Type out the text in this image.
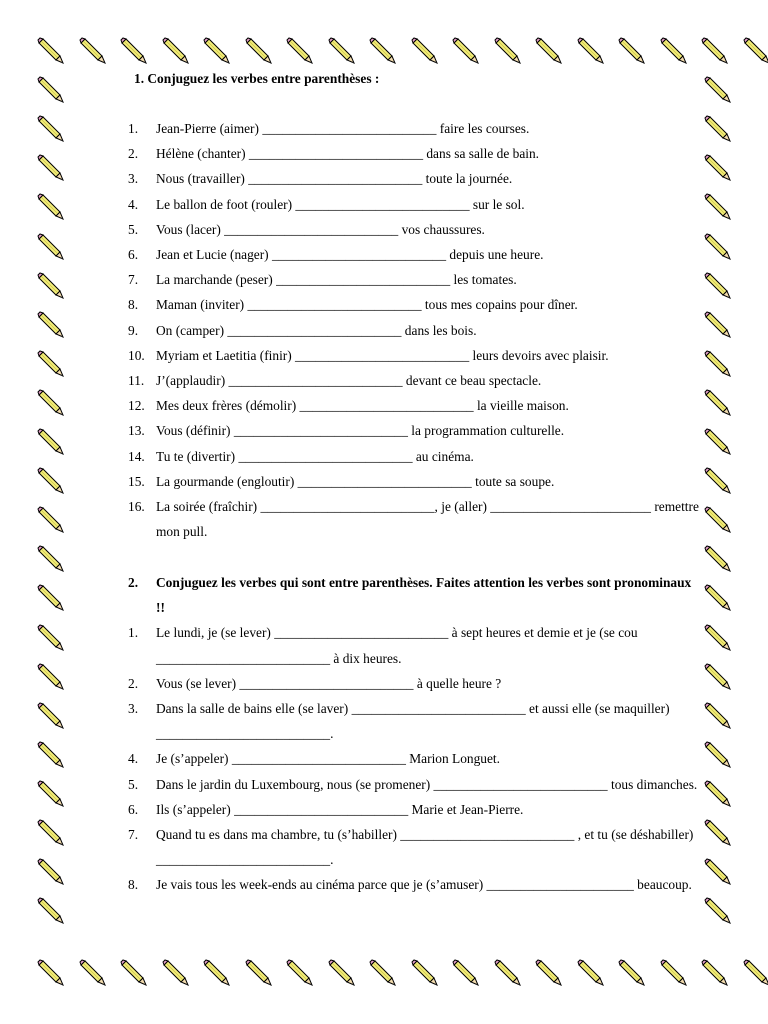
1. Conjuguez les verbes entre parenthèses :

1.	Jean-Pierre (aimer) __________________________ faire les courses.
2.	Hélène (chanter) __________________________ dans sa salle de bain.
3.	Nous (travailler) __________________________ toute la journée.
4.	Le ballon de foot (rouler) __________________________ sur le sol.
5.	Vous (lacer) __________________________ vos chaussures.
6.	Jean et Lucie (nager) __________________________ depuis une heure.
7.	La marchande (peser) __________________________ les tomates.
8.	Maman (inviter) __________________________ tous mes copains pour dîner.
9.	On (camper) __________________________ dans les bois.
10. Myriam et Laetitia (finir) __________________________ leurs devoirs avec plaisir.
11. J’(applaudir) __________________________ devant ce beau spectacle.
12. Mes deux frères (démolir) __________________________ la vieille maison.
13. Vous (définir) __________________________ la programmation culturelle.
14. Tu te (divertir) __________________________ au cinéma.
15. La gourmande (engloutir) __________________________ toute sa soupe.
16. La soirée (fraîchir) __________________________, je (aller) ________________________ remettre mon pull.

2.	Conjuguez les verbes qui sont entre parenthèses. Faites attention les verbes sont pronominaux !!

1.	Le lundi, je (se lever) __________________________ à sept heures et demie et je (se cou __________________________ à dix heures.
2.	Vous (se lever) __________________________ à quelle heure ?
3.	Dans la salle de bains elle (se laver) __________________________ et aussi elle (se maquiller) __________________________.
4.	Je (s’appeler) __________________________ Marion Longuet.
5.	Dans le jardin du Luxembourg, nous (se promener) __________________________ tous dimanches.
6.	Ils (s’appeler) __________________________ Marie et Jean-Pierre.
7.	Quand tu es dans ma chambre, tu (s’habiller) __________________________ , et tu (se déshabiller) __________________________.
8.	Je vais tous les week-ends au cinéma parce que je (s’amuser) ______________________ beaucoup.
